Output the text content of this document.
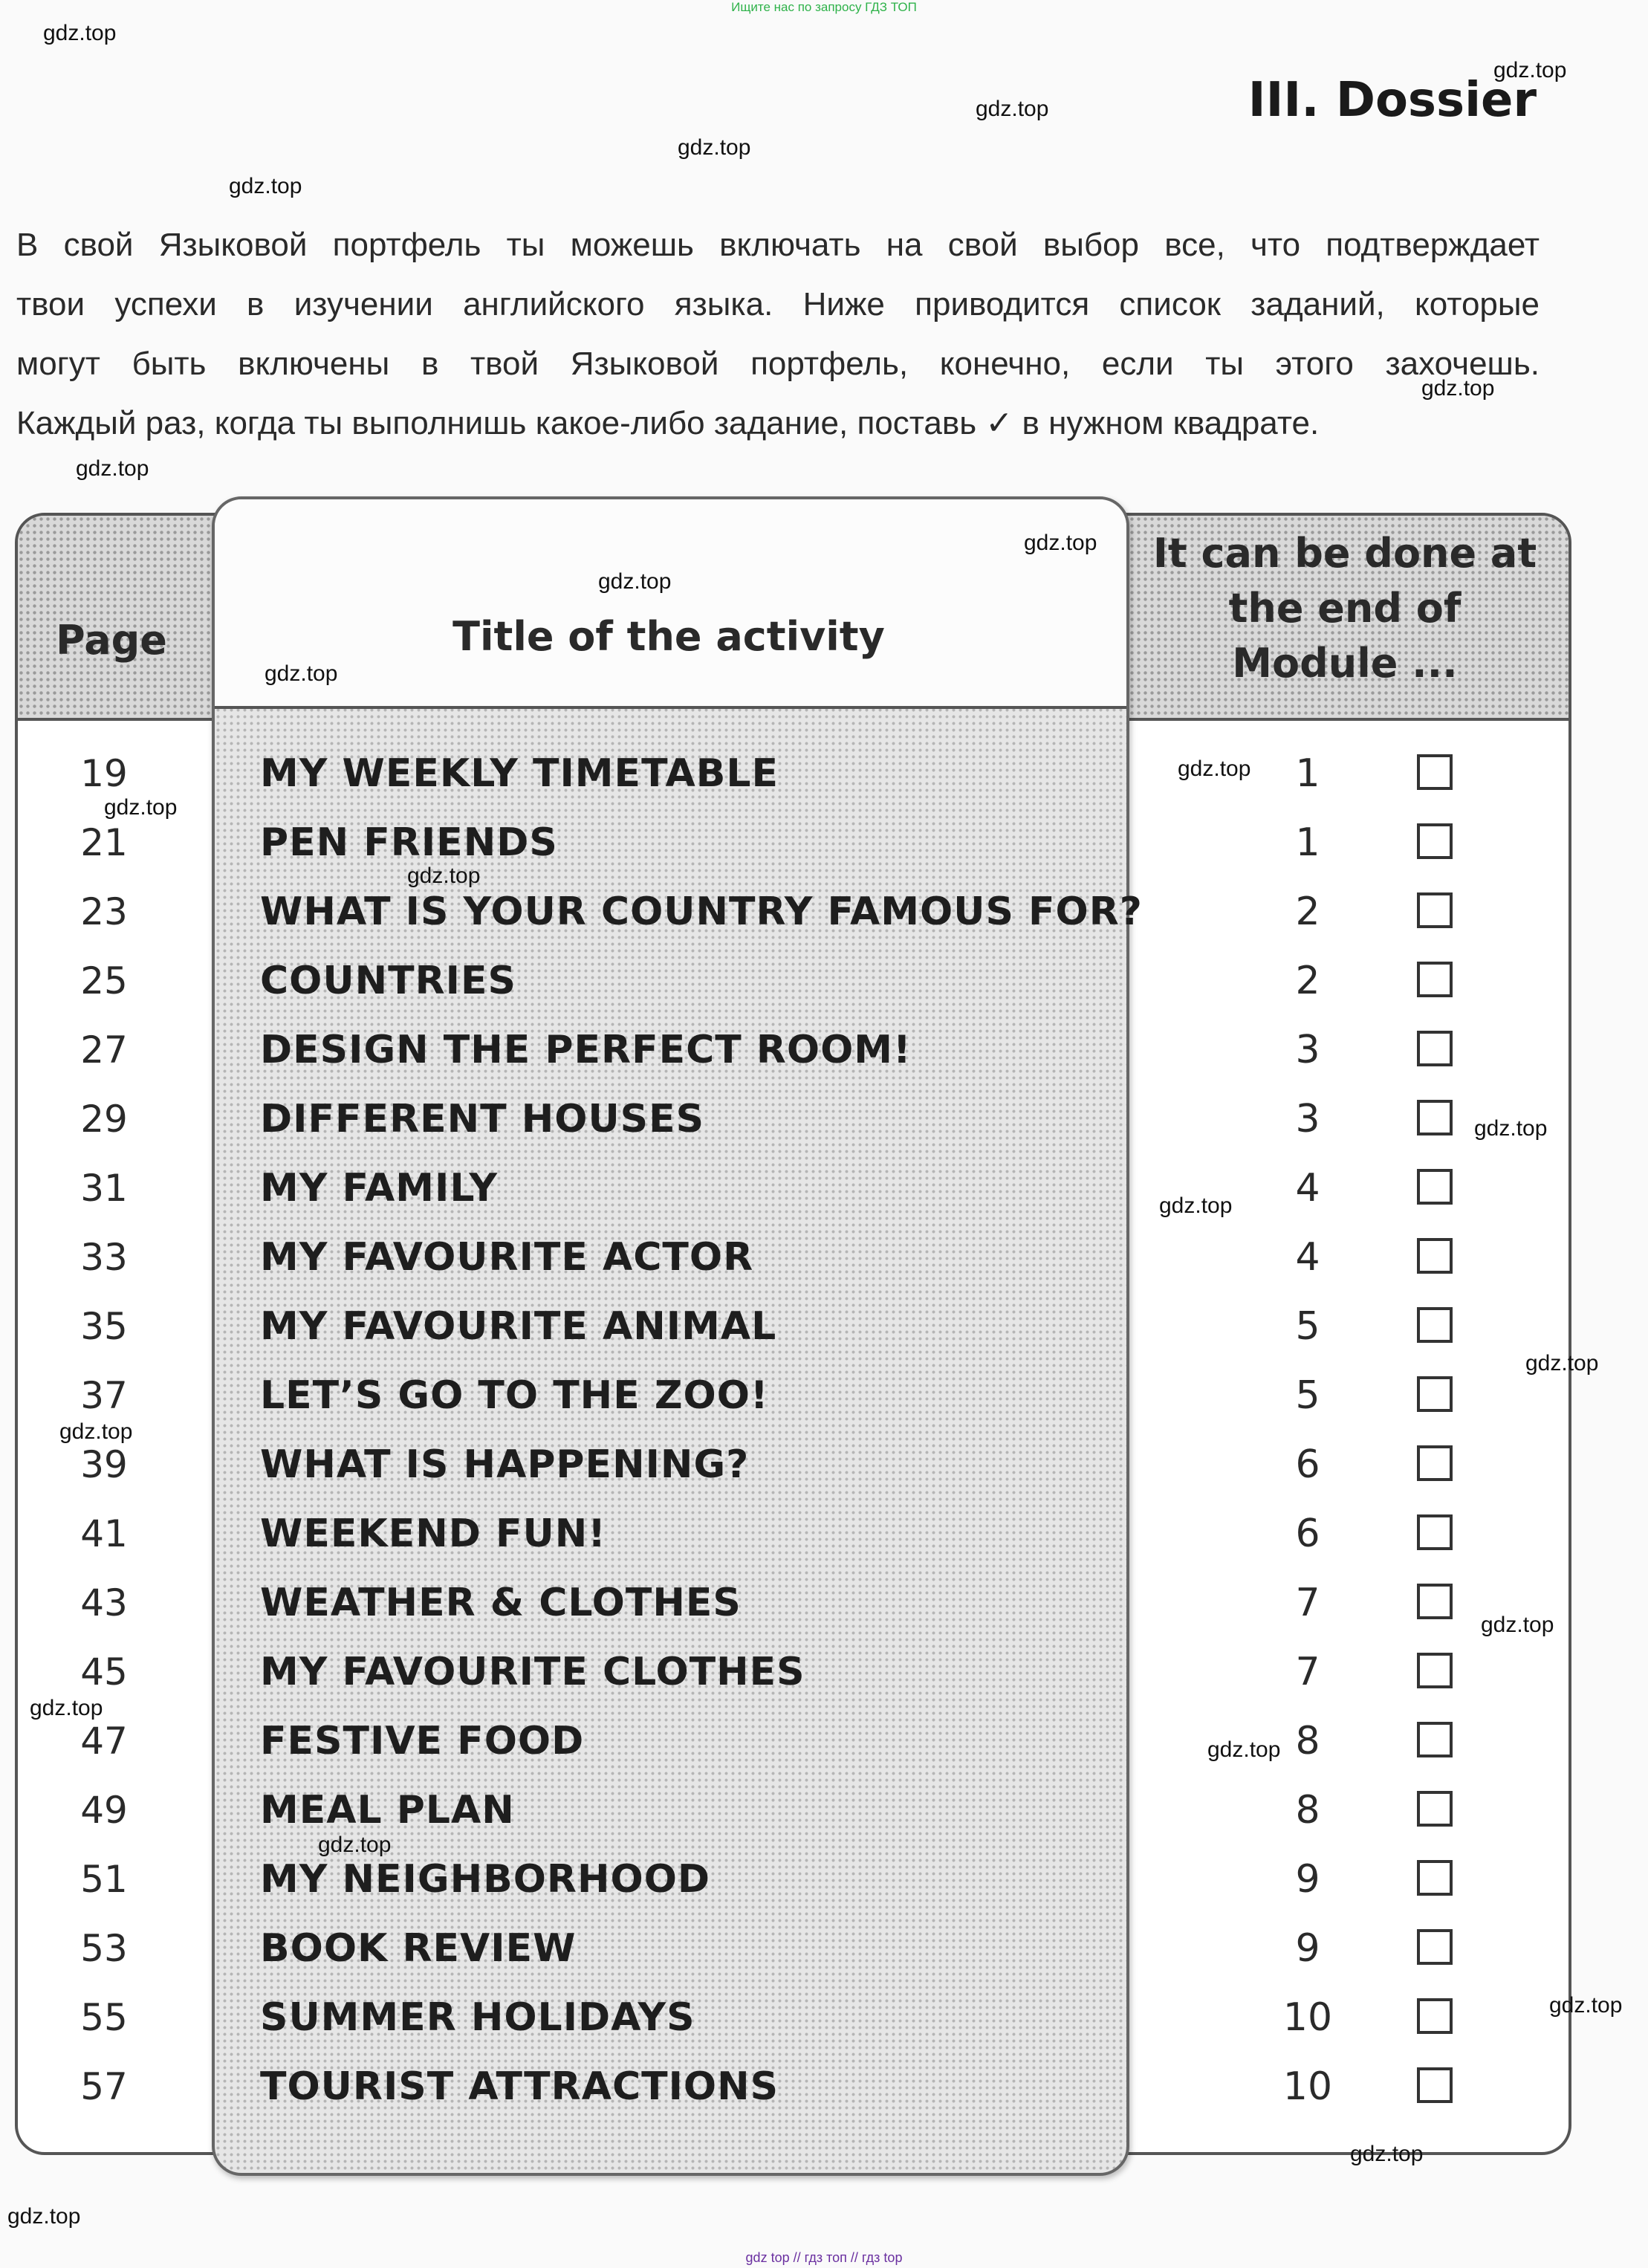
Ищите нас по запросу ГДЗ ТОП
III. Dossier
В свой Языковой портфель ты можешь включать на свой выбор все, что подтверждает
твои успехи в изучении английского языка. Ниже приводится список заданий, которые
могут быть включены в твой Языковой портфель, конечно, если ты этого захочешь.
Каждый раз, когда ты выполнишь какое-либо задание, поставь ✓ в нужном квадрате.
Page	Title of the activity
It can be done at
the end of
Module ...
19	MY WEEKLY TIMETABLE	1
21	PEN FRIENDS	1
23	WHAT IS YOUR COUNTRY FAMOUS FOR?	2
25	COUNTRIES	2
27	DESIGN THE PERFECT ROOM!	3
29	DIFFERENT HOUSES	3
31	MY FAMILY	4
33	MY FAVOURITE ACTOR	4
35	MY FAVOURITE ANIMAL	5
37	LET’S GO TO THE ZOO!	5
39	WHAT IS HAPPENING?	6
41	WEEKEND FUN!	6
43	WEATHER & CLOTHES	7
45	MY FAVOURITE CLOTHES	7
47	FESTIVE FOOD	8
49	MEAL PLAN	8
51	MY NEIGHBORHOOD	9
53	BOOK REVIEW	9
55	SUMMER HOLIDAYS	10
57	TOURIST ATTRACTIONS	10
gdz.top
gdz.top
gdz.top
gdz.top
gdz.top
gdz.top
gdz.top
gdz.top
gdz.top
gdz.top
gdz.top
gdz.top
gdz.top
gdz.top
gdz.top
gdz.top
gdz.top
gdz.top
gdz.top
gdz.top
gdz.top
gdz.top
gdz.top
gdz.top
gdz top // гдз топ // гдз top
